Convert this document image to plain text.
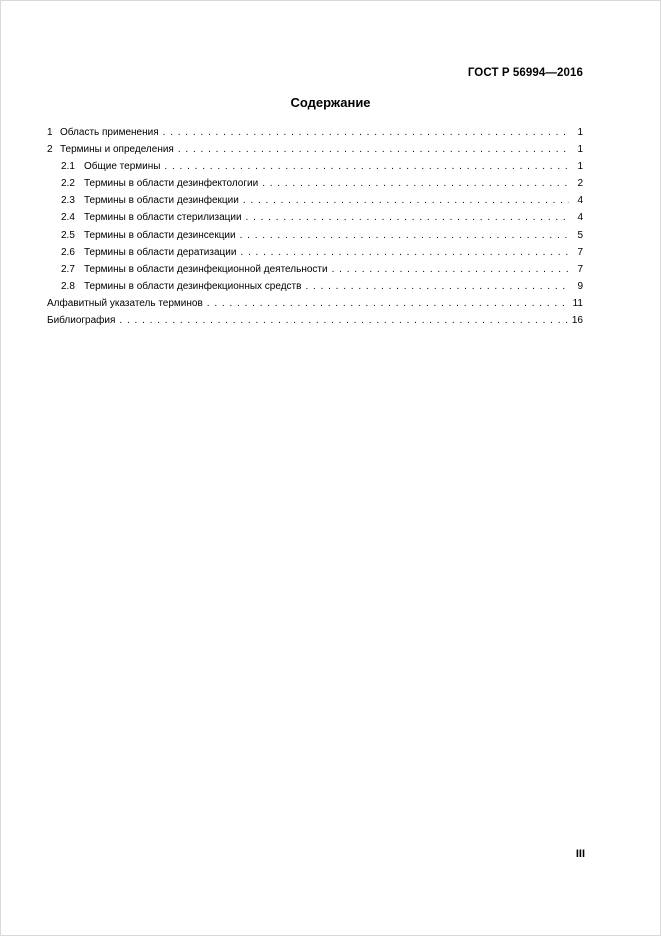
ГОСТ Р 56994—2016
Содержание
1 Область применения . . .	1
2 Термины и определения . . .	1
2.1 Общие термины . . .	1
2.2 Термины в области дезинфектологии . . .	2
2.3 Термины в области дезинфекции . . .	4
2.4 Термины в области стерилизации . . .	4
2.5 Термины в области дезинсекции . . .	5
2.6 Термины в области дератизации . . .	7
2.7 Термины в области дезинфекционной деятельности . . .	7
2.8 Термины в области дезинфекционных средств . . .	9
Алфавитный указатель терминов . . .	11
Библиография . . .	16
III
